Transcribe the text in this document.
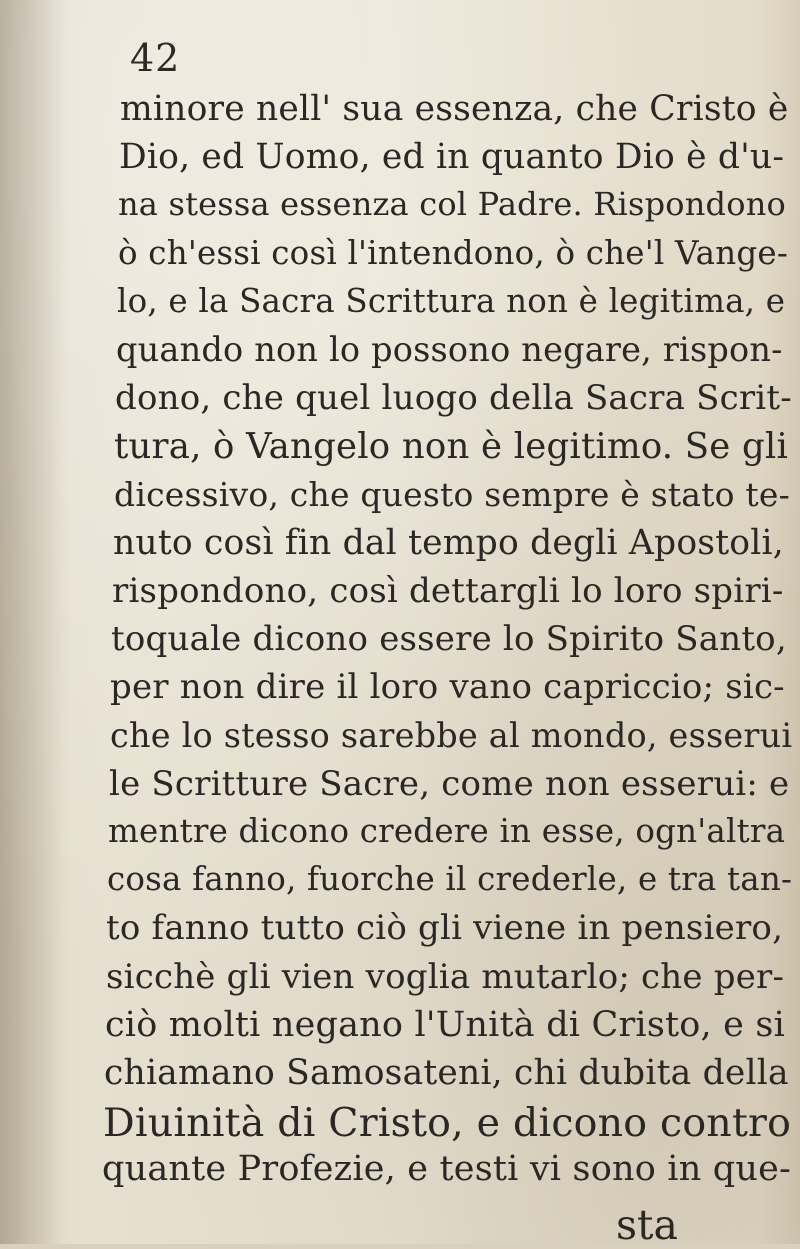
42
minore nell' sua essenza, che Cristo è
Dio, ed Uomo, ed in quanto Dio è d'u-
na stessa essenza col Padre. Rispondono
ò ch'essi così l'intendono, ò che'l Vange-
lo, e la Sacra Scrittura non è legitima, e
quando non lo possono negare, rispon-
dono, che quel luogo della Sacra Scrit-
tura, ò Vangelo non è legitimo. Se gli
dicessivo, che questo sempre è stato te-
nuto così fin dal tempo degli Apostoli,
rispondono, così dettargli lo loro spiri-
toquale dicono essere lo Spirito Santo,
per non dire il loro vano capriccio; sic-
che lo stesso sarebbe al mondo, esserui
le Scritture Sacre, come non esserui: e
mentre dicono credere in esse, ogn'altra
cosa fanno, fuorche il crederle, e tra tan-
to fanno tutto ciò gli viene in pensiero,
sicchè gli vien voglia mutarlo; che per-
ciò molti negano l'Unità di Cristo, e si
chiamano Samosateni, chi dubita della
Diuinità di Cristo, e dicono contro
quante Profezie, e testi vi sono in que-
sta
